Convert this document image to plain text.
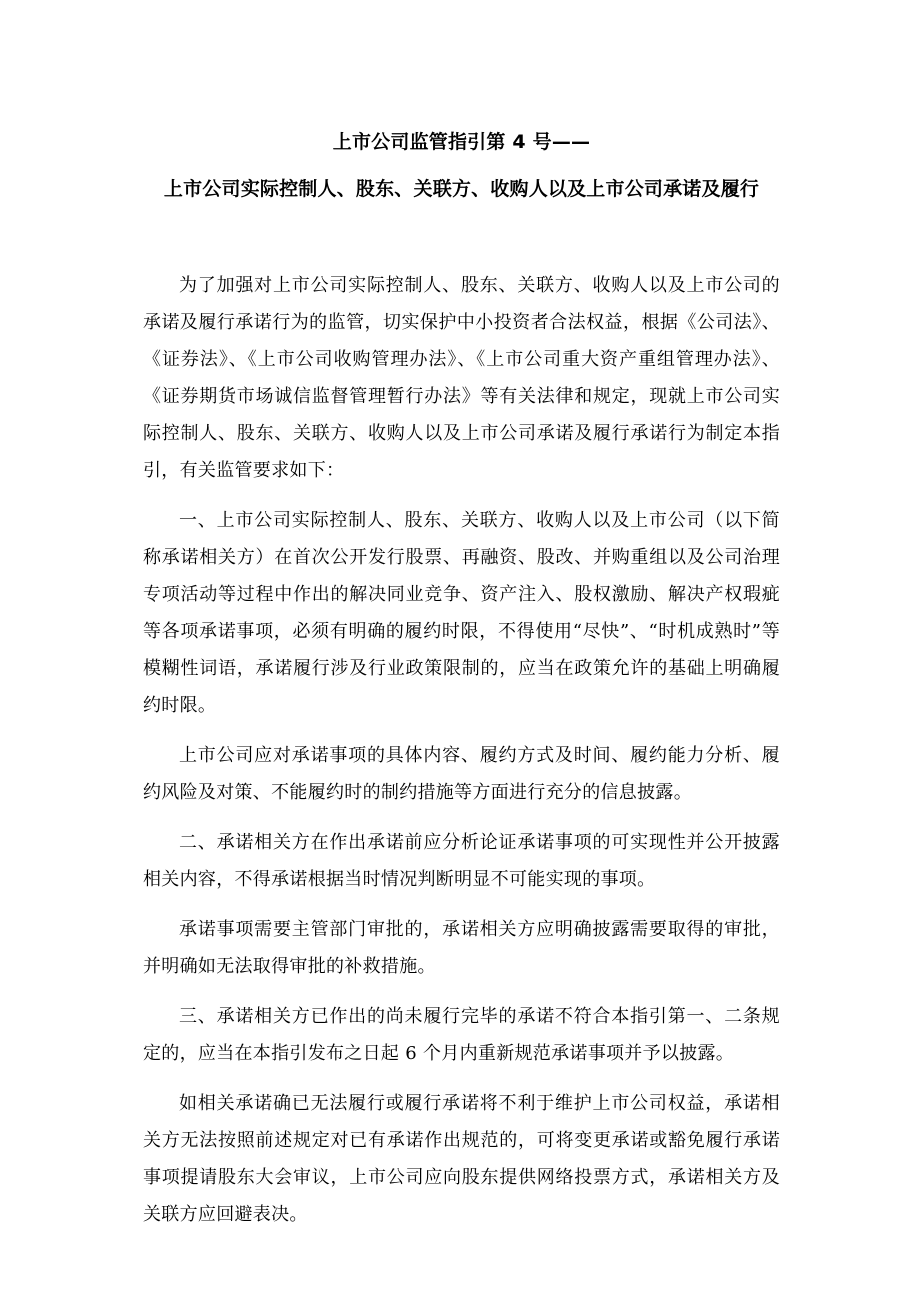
上市公司监管指引第 4 号——
上市公司实际控制人、股东、关联方、收购人以及上市公司承诺及履行

为了加强对上市公司实际控制人、股东、关联方、收购人以及上市公司的承诺及履行承诺行为的监管，切实保护中小投资者合法权益，根据《公司法》、《证券法》、《上市公司收购管理办法》、《上市公司重大资产重组管理办法》、《证券期货市场诚信监督管理暂行办法》等有关法律和规定，现就上市公司实际控制人、股东、关联方、收购人以及上市公司承诺及履行承诺行为制定本指引，有关监管要求如下：

一、上市公司实际控制人、股东、关联方、收购人以及上市公司（以下简称承诺相关方）在首次公开发行股票、再融资、股改、并购重组以及公司治理专项活动等过程中作出的解决同业竞争、资产注入、股权激励、解决产权瑕疵等各项承诺事项，必须有明确的履约时限，不得使用“尽快”、“时机成熟时”等模糊性词语，承诺履行涉及行业政策限制的，应当在政策允许的基础上明确履约时限。

上市公司应对承诺事项的具体内容、履约方式及时间、履约能力分析、履约风险及对策、不能履约时的制约措施等方面进行充分的信息披露。

二、承诺相关方在作出承诺前应分析论证承诺事项的可实现性并公开披露相关内容，不得承诺根据当时情况判断明显不可能实现的事项。

承诺事项需要主管部门审批的，承诺相关方应明确披露需要取得的审批，并明确如无法取得审批的补救措施。

三、承诺相关方已作出的尚未履行完毕的承诺不符合本指引第一、二条规定的，应当在本指引发布之日起 6 个月内重新规范承诺事项并予以披露。

如相关承诺确已无法履行或履行承诺将不利于维护上市公司权益，承诺相关方无法按照前述规定对已有承诺作出规范的，可将变更承诺或豁免履行承诺事项提请股东大会审议，上市公司应向股东提供网络投票方式，承诺相关方及关联方应回避表决。
